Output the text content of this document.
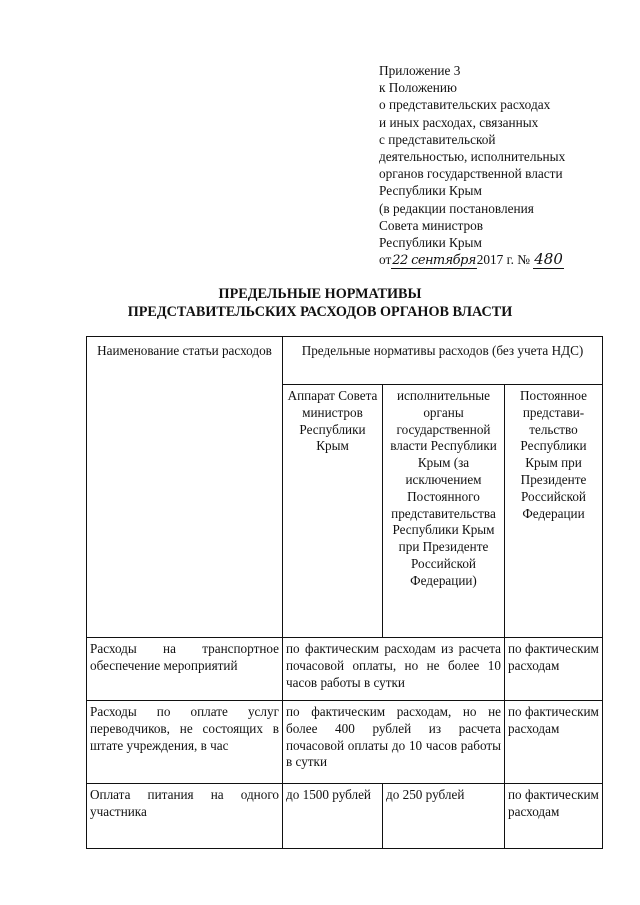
Приложение 3
к Положению
о представительских расходах
и иных расходах, связанных
с представительской
деятельностью, исполнительных
органов государственной власти
Республики Крым
(в редакции постановления
Совета министров
Республики Крым
от22 сентября2017 г. № 480
ПРЕДЕЛЬНЫЕ НОРМАТИВЫ
ПРЕДСТАВИТЕЛЬСКИХ РАСХОДОВ ОРГАНОВ ВЛАСТИ
Наименование статьи расходов	Предельные нормативы расходов (без учета НДС)		
	Аппарат Совета министров Республики Крым	исполнительные органы государственной власти Республики Крым (за исключением Постоянного представительства Республики Крым при Президенте Российской Федерации)	Постоянное представи-тельство Республики Крым при Президенте Российской Федерации
Расходы на транспортное обеспечение мероприятий	по фактическим расходам из расчета почасовой оплаты, но не более 10 часов работы в сутки		по фактическим расходам
Расходы по оплате услуг переводчиков, не состоящих в штате учреждения, в час	по фактическим расходам, но не более 400 рублей из расчета почасовой оплаты до 10 часов работы в сутки		по фактическим расходам
Оплата питания на одного участника	до 1500 рублей	до 250 рублей	по фактическим расходам
